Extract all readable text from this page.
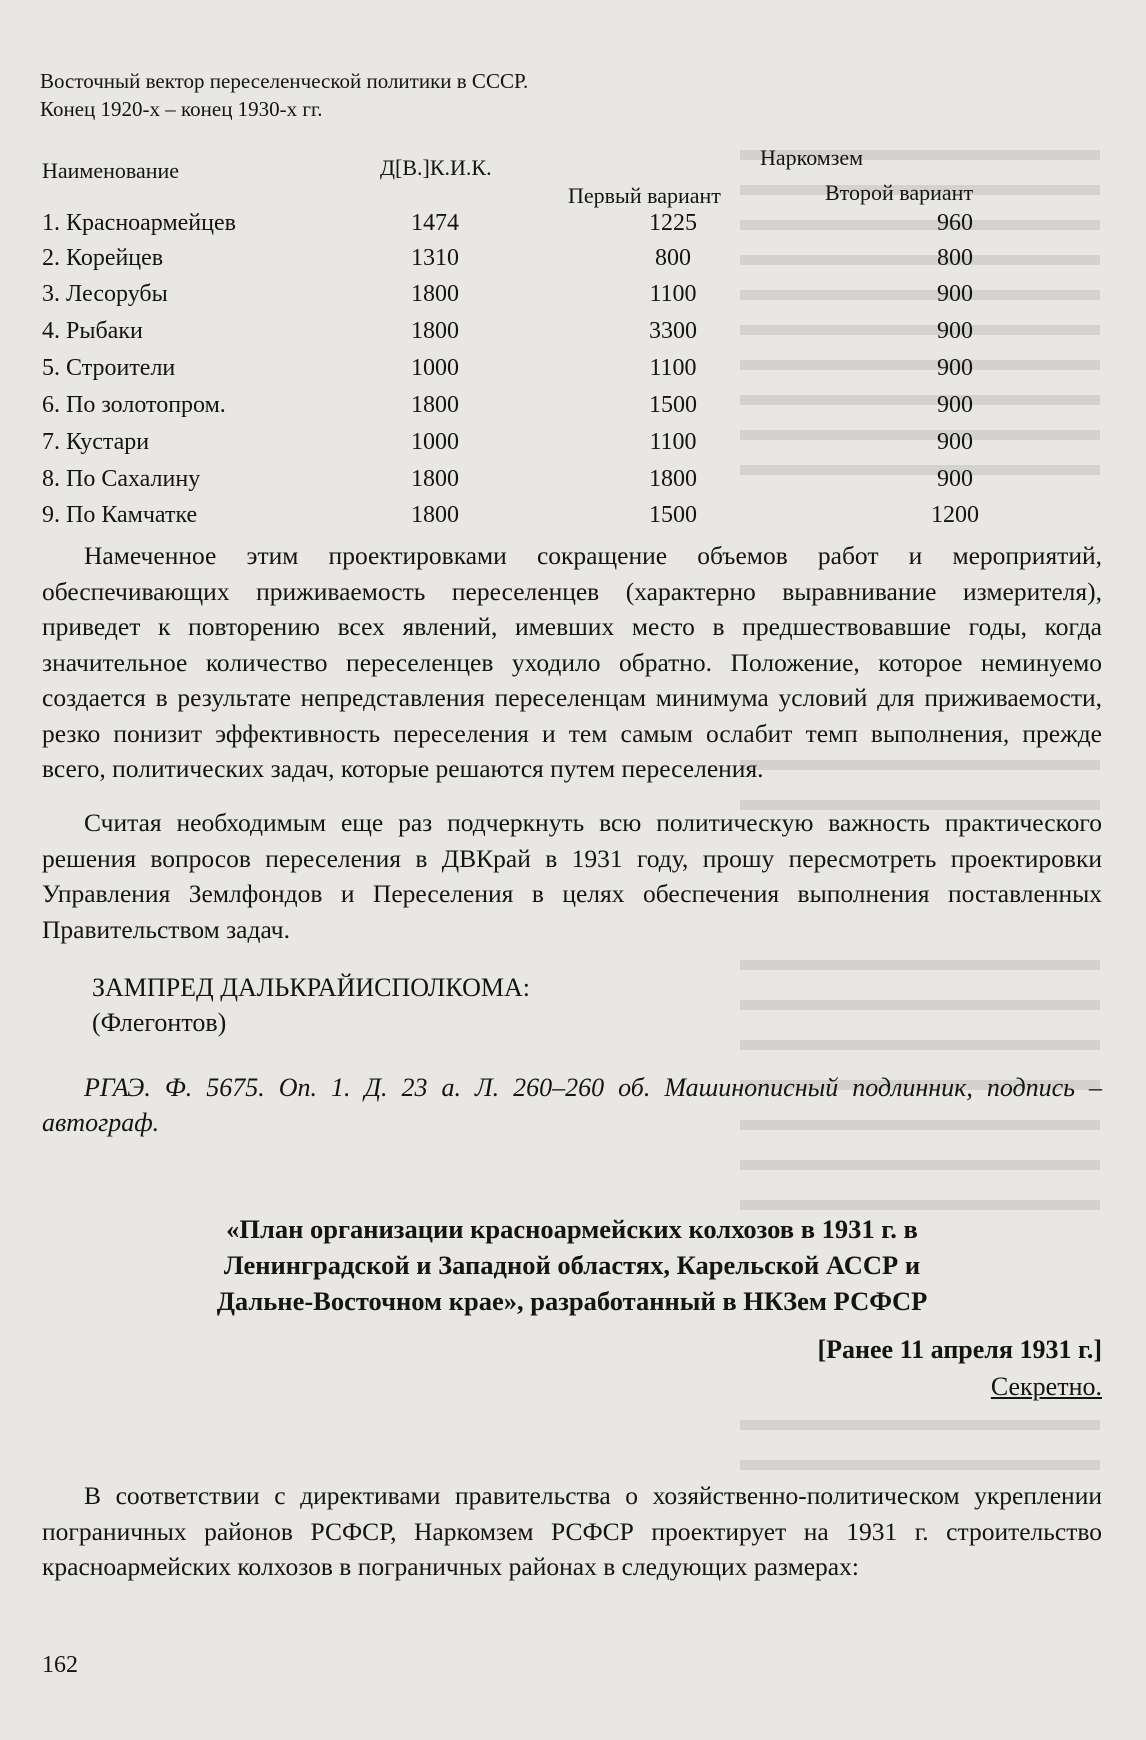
Восточный вектор переселенческой политики в СССР.
Конец 1920-х – конец 1930-х гг.
Наименование	Д[В.]К.И.К.	Наркомзем
Первый вариант	Второй вариант
1. Красноармейцев	1474	1225	960
2. Корейцев	1310	800	800
3. Лесорубы	1800	1100	900
4. Рыбаки	1800	3300	900
5. Строители	1000	1100	900
6. По золотопром.	1800	1500	900
7. Кустари	1000	1100	900
8. По Сахалину	1800	1800	900
9. По Камчатке	1800	1500	1200

Намеченное этим проектировками сокращение объемов работ и мероприятий, обеспечивающих приживаемость переселенцев (характерно выравнивание измерителя), приведет к повторению всех явлений, имевших место в предшествовавшие годы, когда значительное количество переселенцев уходило обратно. Положение, которое неминуемо создается в результате непредставления переселенцам минимума условий для приживаемости, резко понизит эффективность переселения и тем самым ослабит темп выполнения, прежде всего, политических задач, которые решаются путем переселения.

Считая необходимым еще раз подчеркнуть всю политическую важность практического решения вопросов переселения в ДВКрай в 1931 году, прошу пересмотреть проектировки Управления Землфондов и Переселения в целях обеспечения выполнения поставленных Правительством задач.

ЗАМПРЕД ДАЛЬКРАЙИСПОЛКОМА:
(Флегонтов)

РГАЭ. Ф. 5675. Оп. 1. Д. 23 а. Л. 260–260 об. Машинописный подлинник, подпись – автограф.

«План организации красноармейских колхозов в 1931 г. в
Ленинградской и Западной областях, Карельской АССР и
Дальне-Восточном крае», разработанный в НКЗем РСФСР
[Ранее 11 апреля 1931 г.]
Секретно.

В соответствии с директивами правительства о хозяйственно-политическом укреплении пограничных районов РСФСР, Наркомзем РСФСР проектирует на 1931 г. строительство красноармейских колхозов в пограничных районах в следующих размерах:

162
